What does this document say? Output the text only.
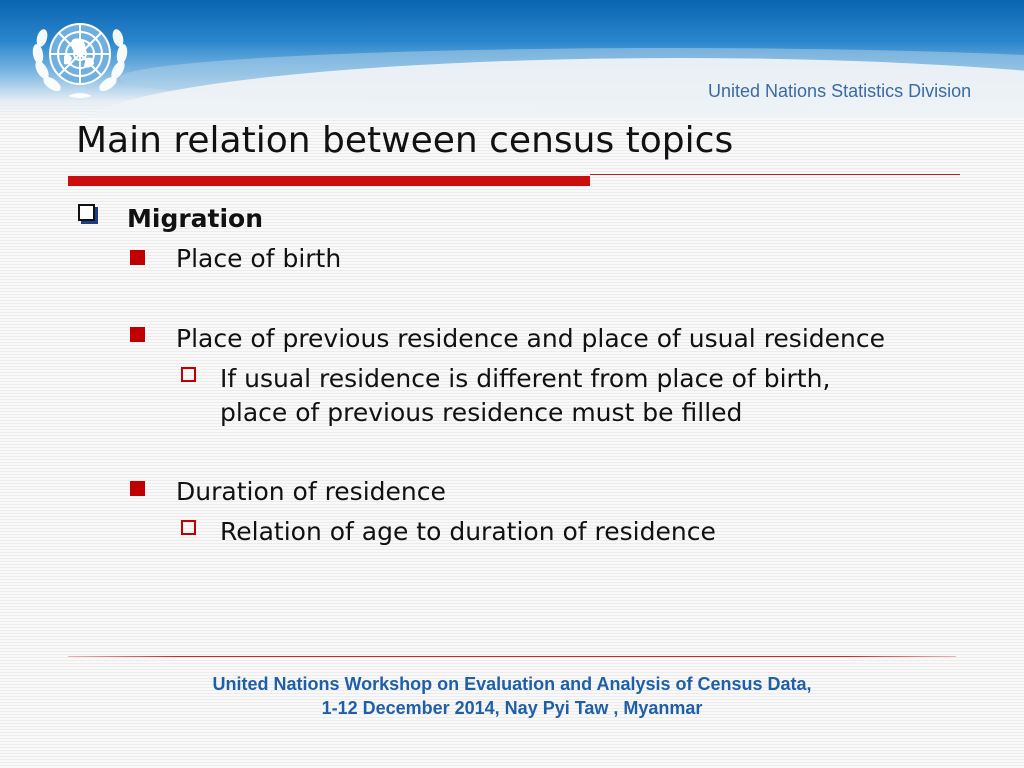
United Nations Statistics Division
Main relation between census topics
Migration
Place of birth
Place of previous residence and place of usual residence
If usual residence is different from place of birth,
place of previous residence must be filled
Duration of residence
Relation of age to duration of residence
United Nations Workshop on Evaluation and Analysis of Census Data,
1-12 December 2014, Nay Pyi Taw , Myanmar
